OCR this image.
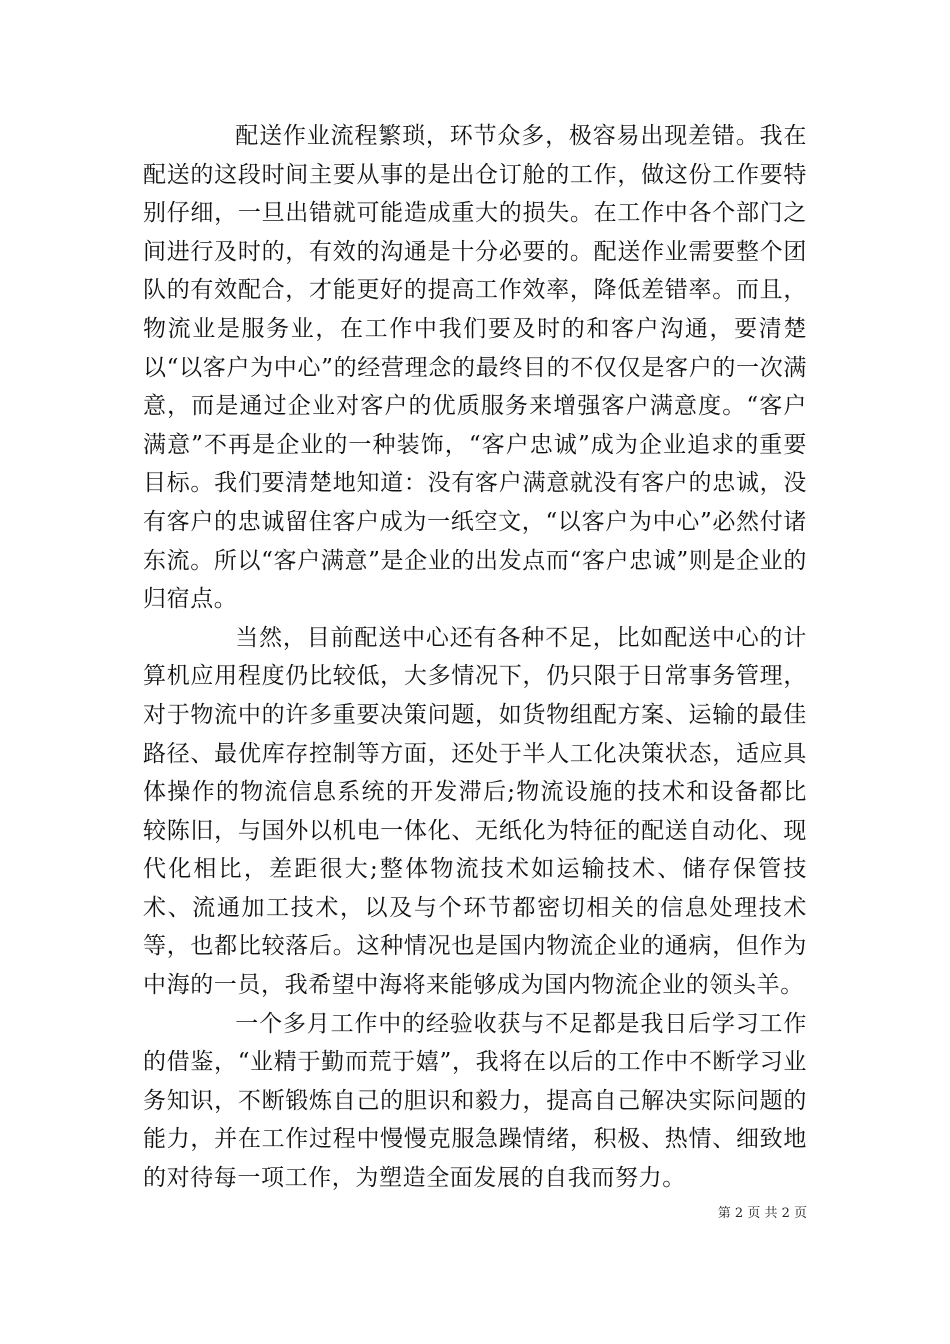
配送作业流程繁琐，环节众多，极容易出现差错。我在配送的这段时间主要从事的是出仓订舱的工作，做这份工作要特别仔细，一旦出错就可能造成重大的损失。在工作中各个部门之间进行及时的，有效的沟通是十分必要的。配送作业需要整个团队的有效配合，才能更好的提高工作效率，降低差错率。而且，物流业是服务业，在工作中我们要及时的和客户沟通，要清楚以“以客户为中心”的经营理念的最终目的不仅仅是客户的一次满意，而是通过企业对客户的优质服务来增强客户满意度。“客户满意”不再是企业的一种装饰，“客户忠诚”成为企业追求的重要目标。我们要清楚地知道：没有客户满意就没有客户的忠诚，没有客户的忠诚留住客户成为一纸空文，“以客户为中心”必然付诸东流。所以“客户满意”是企业的出发点而“客户忠诚”则是企业的归宿点。

当然，目前配送中心还有各种不足，比如配送中心的计算机应用程度仍比较低，大多情况下，仍只限于日常事务管理，对于物流中的许多重要决策问题，如货物组配方案、运输的最佳路径、最优库存控制等方面，还处于半人工化决策状态，适应具体操作的物流信息系统的开发滞后;物流设施的技术和设备都比较陈旧，与国外以机电一体化、无纸化为特征的配送自动化、现代化相比，差距很大;整体物流技术如运输技术、储存保管技术、流通加工技术，以及与个环节都密切相关的信息处理技术等，也都比较落后。这种情况也是国内物流企业的通病，但作为中海的一员，我希望中海将来能够成为国内物流企业的领头羊。

一个多月工作中的经验收获与不足都是我日后学习工作的借鉴，“业精于勤而荒于嬉”，我将在以后的工作中不断学习业务知识，不断锻炼自己的胆识和毅力，提高自己解决实际问题的能力，并在工作过程中慢慢克服急躁情绪，积极、热情、细致地的对待每一项工作，为塑造全面发展的自我而努力。

第 2 页 共 2 页
